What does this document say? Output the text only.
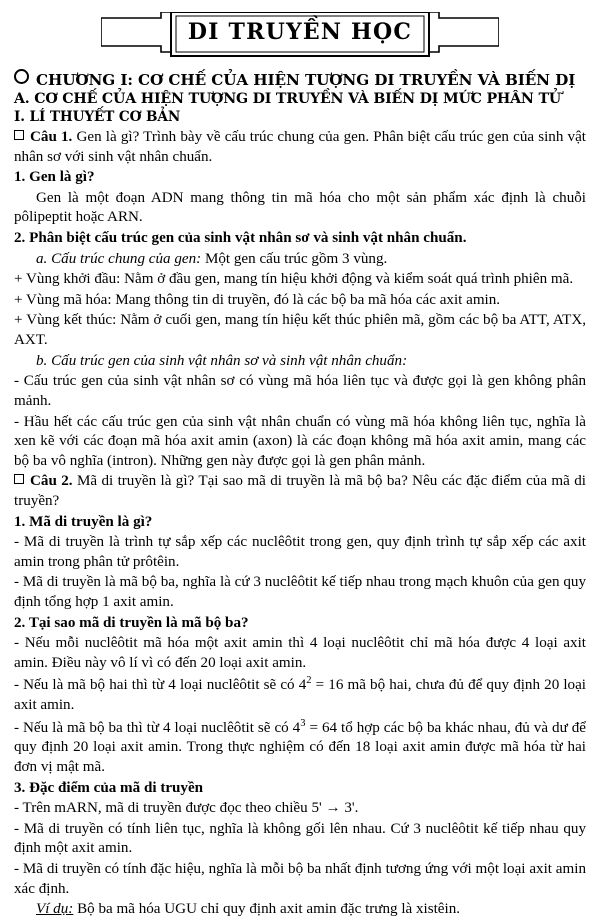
DI TRUYỀN HỌC
CHƯƠNG I: CƠ CHẾ CỦA HIỆN TƯỢNG DI TRUYỀN VÀ BIẾN DỊ
A. CƠ CHẾ CỦA HIỆN TƯỢNG DI TRUYỀN VÀ BIẾN DỊ MỨC PHÂN TỬ
I. LÍ THUYẾT CƠ BẢN

Câu 1. Gen là gì? Trình bày về cấu trúc chung của gen. Phân biệt cấu trúc gen của sinh vật nhân sơ với sinh vật nhân chuẩn.

1. Gen là gì?

Gen là một đoạn ADN mang thông tin mã hóa cho một sản phẩm xác định là chuỗi pôlipeptit hoặc ARN.

2. Phân biệt cấu trúc gen của sinh vật nhân sơ và sinh vật nhân chuẩn.

a. Cấu trúc chung của gen: Một gen cấu trúc gồm 3 vùng.

+ Vùng khởi đầu: Nằm ở đầu gen, mang tín hiệu khởi động và kiểm soát quá trình phiên mã.

+ Vùng mã hóa: Mang thông tin di truyền, đó là các bộ ba mã hóa các axit amin.

+ Vùng kết thúc: Nằm ở cuối gen, mang tín hiệu kết thúc phiên mã, gồm các bộ ba ATT, ATX, AXT.

b. Cấu trúc gen của sinh vật nhân sơ và sinh vật nhân chuẩn:

- Cấu trúc gen của sinh vật nhân sơ có vùng mã hóa liên tục và được gọi là gen không phân mảnh.

- Hầu hết các cấu trúc gen của sinh vật nhân chuẩn có vùng mã hóa không liên tục, nghĩa là xen kẽ với các đoạn mã hóa axit amin (axon) là các đoạn không mã hóa axit amin, mang các bộ ba vô nghĩa (intron). Những gen này được gọi là gen phân mảnh.

Câu 2. Mã di truyền là gì? Tại sao mã di truyền là mã bộ ba? Nêu các đặc điểm của mã di truyền?

1. Mã di truyền là gì?

- Mã di truyền là trình tự sắp xếp các nuclêôtit trong gen, quy định trình tự sắp xếp các axit amin trong phân tử prôtêin.

- Mã di truyền là mã bộ ba, nghĩa là cứ 3 nuclêôtit kế tiếp nhau trong mạch khuôn của gen quy định tổng hợp 1 axit amin.

2. Tại sao mã di truyền là mã bộ ba?

- Nếu mỗi nuclêôtit mã hóa một axit amin thì 4 loại nuclêôtit chỉ mã hóa được 4 loại axit amin. Điều này vô lí vì có đến 20 loại axit amin.

- Nếu là mã bộ hai thì từ 4 loại nuclêôtit sẽ có $4^2 = 16$ mã bộ hai, chưa đủ để quy định 20 loại axit amin.

- Nếu là mã bộ ba thì từ 4 loại nuclêôtit sẽ có $4^3 = 64$ tổ hợp các bộ ba khác nhau, đủ và dư để quy định 20 loại axit amin. Trong thực nghiệm có đến 18 loại axit amin được mã hóa từ hai đơn vị mật mã.

3. Đặc điểm của mã di truyền

- Trên mARN, mã di truyền được đọc theo chiều 5' → 3'.

- Mã di truyền có tính liên tục, nghĩa là không gối lên nhau. Cứ 3 nuclêôtit kế tiếp nhau quy định một axit amin.

- Mã di truyền có tính đặc hiệu, nghĩa là mỗi bộ ba nhất định tương ứng với một loại axit amin xác định.

Ví dụ: Bộ ba mã hóa UGU chỉ quy định axit amin đặc trưng là xistêin.
